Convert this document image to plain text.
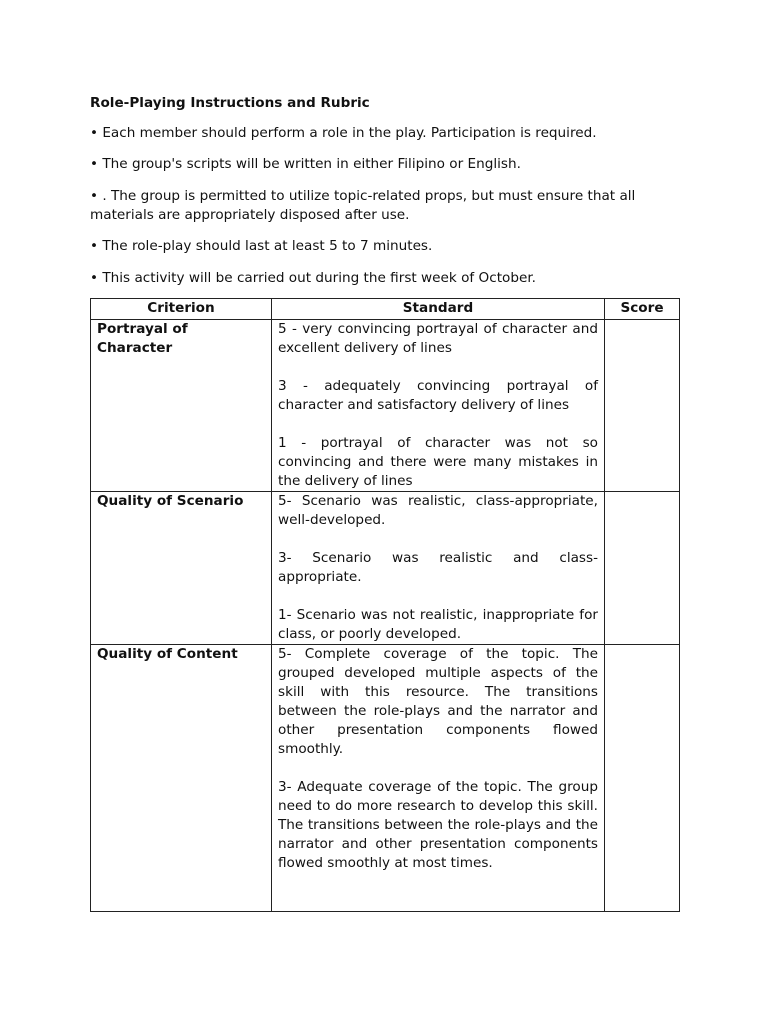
Role-Playing Instructions and Rubric
• Each member should perform a role in the play. Participation is required.
• The group's scripts will be written in either Filipino or English.
• . The group is permitted to utilize topic-related props, but must ensure that all materials are appropriately disposed after use.
• The role-play should last at least 5 to 7 minutes.
• This activity will be carried out during the first week of October.
Criterion	Standard	Score
Portrayal of Character	5 - very convincing portrayal of character and excellent delivery of lines

3 - adequately convincing portrayal of character and satisfactory delivery of lines

1 - portrayal of character was not so convincing and there were many mistakes in the delivery of lines	

Quality of Scenario	5- Scenario was realistic, class-appropriate, well-developed.

3- Scenario was realistic and class-appropriate.

1- Scenario was not realistic, inappropriate for class, or poorly developed.	

Quality of Content	5- Complete coverage of the topic. The grouped developed multiple aspects of the skill with this resource. The transitions between the role-plays and the narrator and other presentation components flowed smoothly.

3- Adequate coverage of the topic. The group need to do more research to develop this skill. The transitions between the role-plays and the narrator and other presentation components flowed smoothly at most times.	
